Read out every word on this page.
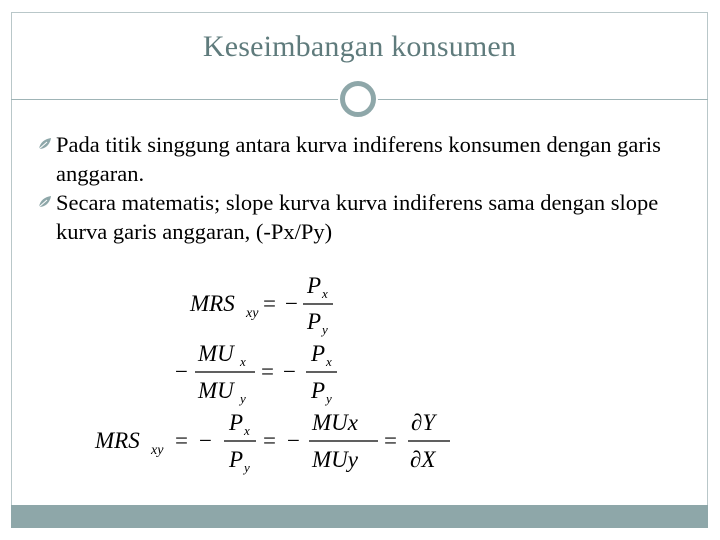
Keseimbangan konsumen
Pada titik singgung antara kurva indiferens konsumen dengan garis anggaran.
Secara matematis; slope kurva kurva indiferens sama dengan slope kurva garis anggaran, (-Px/Py)
MRS xy = −
P x
P y
−
MU x
MU y
= −
P x
P y
MRS xy = −
P x
P y
= −
MUx
MUy
=
∂Y
∂X
